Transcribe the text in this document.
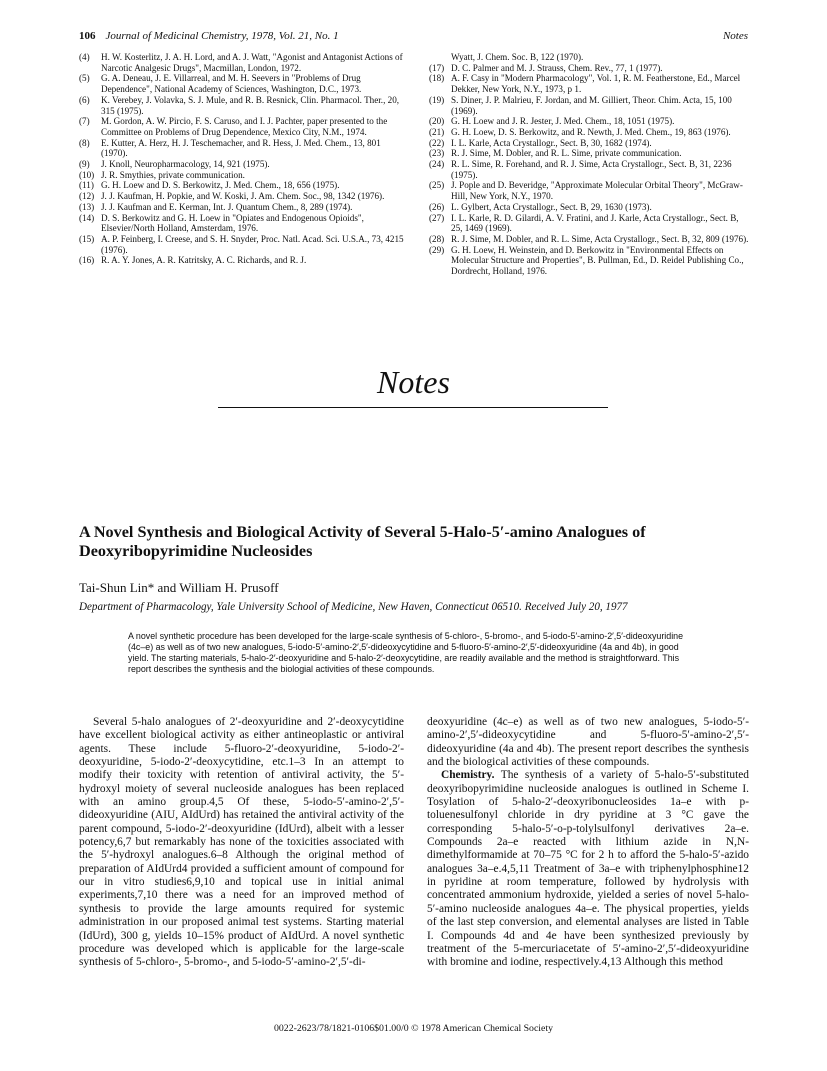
106 Journal of Medicinal Chemistry, 1978, Vol. 21, No. 1	Notes
(4)	H. W. Kosterlitz, J. A. H. Lord, and A. J. Watt, "Agonist and Antagonist Actions of Narcotic Analgesic Drugs", Macmillan, London, 1972.
(5)	G. A. Deneau, J. E. Villarreal, and M. H. Seevers in "Problems of Drug Dependence", National Academy of Sciences, Washington, D.C., 1973.
(6)	K. Verebey, J. Volavka, S. J. Mule, and R. B. Resnick, Clin. Pharmacol. Ther., 20, 315 (1975).
(7)	M. Gordon, A. W. Pircio, F. S. Caruso, and I. J. Pachter, paper presented to the Committee on Problems of Drug Dependence, Mexico City, N.M., 1974.
(8)	E. Kutter, A. Herz, H. J. Teschemacher, and R. Hess, J. Med. Chem., 13, 801 (1970).
(9)	J. Knoll, Neuropharmacology, 14, 921 (1975).
(10) J. R. Smythies, private communication.
(11) G. H. Loew and D. S. Berkowitz, J. Med. Chem., 18, 656 (1975).
(12) J. J. Kaufman, H. Popkie, and W. Koski, J. Am. Chem. Soc., 98, 1342 (1976).
(13) J. J. Kaufman and E. Kerman, Int. J. Quantum Chem., 8, 289 (1974).
(14) D. S. Berkowitz and G. H. Loew in "Opiates and Endogenous Opioids", Elsevier/North Holland, Amsterdam, 1976.
(15) A. P. Feinberg, I. Creese, and S. H. Snyder, Proc. Natl. Acad. Sci. U.S.A., 73, 4215 (1976).
(16) R. A. Y. Jones, A. R. Katritsky, A. C. Richards, and R. J.
Wyatt, J. Chem. Soc. B, 122 (1970).
(17) D. C. Palmer and M. J. Strauss, Chem. Rev., 77, 1 (1977).
(18) A. F. Casy in "Modern Pharmacology", Vol. 1, R. M. Featherstone, Ed., Marcel Dekker, New York, N.Y., 1973, p 1.
(19) S. Diner, J. P. Malrieu, F. Jordan, and M. Gilliert, Theor. Chim. Acta, 15, 100 (1969).
(20) G. H. Loew and J. R. Jester, J. Med. Chem., 18, 1051 (1975).
(21) G. H. Loew, D. S. Berkowitz, and R. Newth, J. Med. Chem., 19, 863 (1976).
(22) I. L. Karle, Acta Crystallogr., Sect. B, 30, 1682 (1974).
(23) R. J. Sime, M. Dobler, and R. L. Sime, private communication.
(24) R. L. Sime, R. Forehand, and R. J. Sime, Acta Crystallogr., Sect. B, 31, 2236 (1975).
(25) J. Pople and D. Beveridge, "Approximate Molecular Orbital Theory", McGraw-Hill, New York, N.Y., 1970.
(26) L. Gylbert, Acta Crystallogr., Sect. B, 29, 1630 (1973).
(27) I. L. Karle, R. D. Gilardi, A. V. Fratini, and J. Karle, Acta Crystallogr., Sect. B, 25, 1469 (1969).
(28) R. J. Sime, M. Dobler, and R. L. Sime, Acta Crystallogr., Sect. B, 32, 809 (1976).
(29) G. H. Loew, H. Weinstein, and D. Berkowitz in "Environmental Effects on Molecular Structure and Properties", B. Pullman, Ed., D. Reidel Publishing Co., Dordrecht, Holland, 1976.
Notes
A Novel Synthesis and Biological Activity of Several 5-Halo-5′-amino Analogues of Deoxyribopyrimidine Nucleosides
Tai-Shun Lin* and William H. Prusoff
Department of Pharmacology, Yale University School of Medicine, New Haven, Connecticut 06510. Received July 20, 1977
A novel synthetic procedure has been developed for the large-scale synthesis of 5-chloro-, 5-bromo-, and 5-iodo-5′-amino-2′,5′-dideoxyuridine (4c–e) as well as of two new analogues, 5-iodo-5′-amino-2′,5′-dideoxycytidine and 5-fluoro-5′-amino-2′,5′-dideoxyuridine (4a and 4b), in good yield. The starting materials, 5-halo-2′-deoxyuridine and 5-halo-2′-deoxycytidine, are readily available and the method is straightforward. This report describes the synthesis and the biologial activities of these compounds.
Several 5-halo analogues of 2′-deoxyuridine and 2′-deoxycytidine have excellent biological activity as either antineoplastic or antiviral agents. These include 5-fluoro-2′-deoxyuridine, 5-iodo-2′-deoxyuridine, 5-iodo-2′-deoxycytidine, etc.1–3 In an attempt to modify their toxicity with retention of antiviral activity, the 5′-hydroxyl moiety of several nucleoside analogues has been replaced with an amino group.4,5 Of these, 5-iodo-5′-amino-2′,5′-dideoxyuridine (AIU, AIdUrd) has retained the antiviral activity of the parent compound, 5-iodo-2′-deoxyuridine (IdUrd), albeit with a lesser potency,6,7 but remarkably has none of the toxicities associated with the 5′-hydroxyl analogues.6–8 Although the original method of preparation of AIdUrd4 provided a sufficient amount of compound for our in vitro studies6,9,10 and topical use in initial animal experiments,7,10 there was a need for an improved method of synthesis to provide the large amounts required for systemic administration in our proposed animal test systems. Starting material (IdUrd), 300 g, yields 10–15% product of AIdUrd. A novel synthetic procedure was developed which is applicable for the large-scale synthesis of 5-chloro-, 5-bromo-, and 5-iodo-5′-amino-2′,5′-di-
deoxyuridine (4c–e) as well as of two new analogues, 5-iodo-5′-amino-2′,5′-dideoxycytidine and 5-fluoro-5′-amino-2′,5′-dideoxyuridine (4a and 4b). The present report describes the synthesis and the biological activities of these compounds.
Chemistry. The synthesis of a variety of 5-halo-5′-substituted deoxyribopyrimidine nucleoside analogues is outlined in Scheme I. Tosylation of 5-halo-2′-deoxyribonucleosides 1a–e with p-toluenesulfonyl chloride in dry pyridine at 3 °C gave the corresponding 5-halo-5′-o-p-tolylsulfonyl derivatives 2a–e. Compounds 2a–e reacted with lithium azide in N,N-dimethylformamide at 70–75 °C for 2 h to afford the 5-halo-5′-azido analogues 3a–e.4,5,11 Treatment of 3a–e with triphenylphosphine12 in pyridine at room temperature, followed by hydrolysis with concentrated ammonium hydroxide, yielded a series of novel 5-halo-5′-amino nucleoside analogues 4a–e. The physical properties, yields of the last step conversion, and elemental analyses are listed in Table I. Compounds 4d and 4e have been synthesized previously by treatment of the 5-mercuriacetate of 5′-amino-2′,5′-dideoxyuridine with bromine and iodine, respectively.4,13 Although this method
0022-2623/78/1821-0106$01.00/0 © 1978 American Chemical Society
